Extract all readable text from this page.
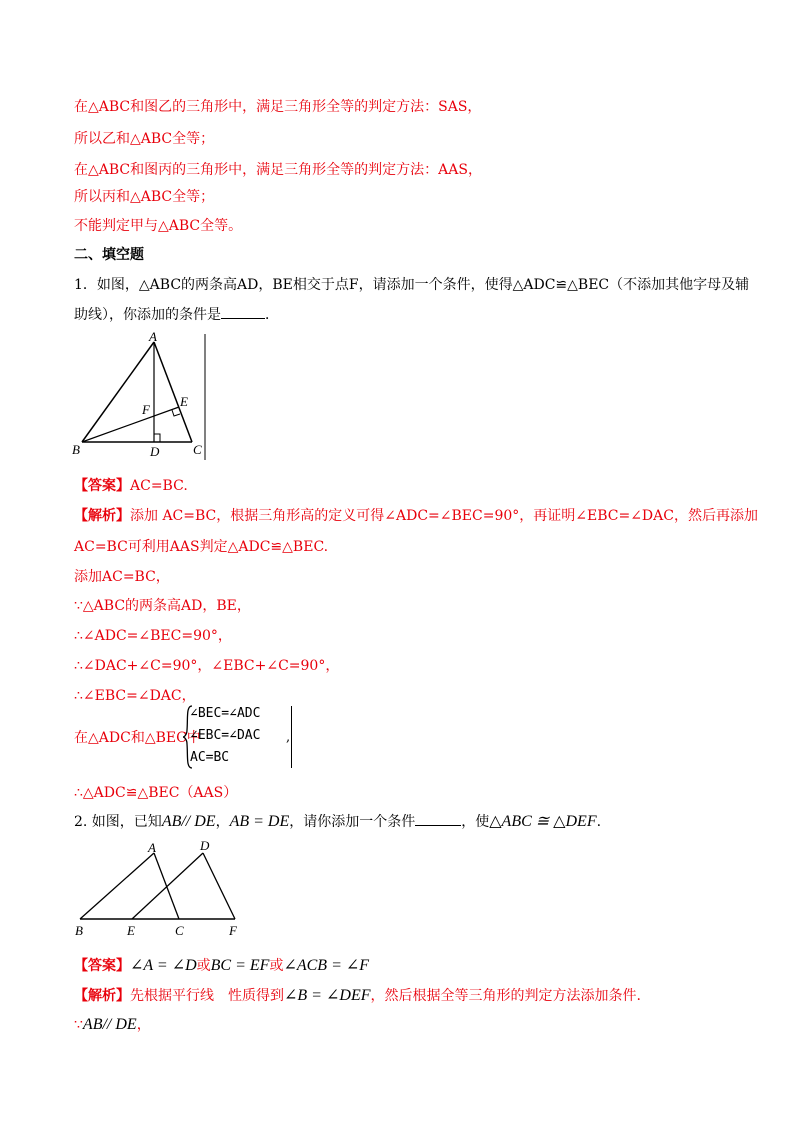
在△ABC和图乙的三角形中，满足三角形全等的判定方法：SAS，
所以乙和△ABC全等；
在△ABC和图丙的三角形中，满足三角形全等的判定方法：AAS，
所以丙和△ABC全等；
不能判定甲与△ABC全等。
二、填空题
1．如图，△ABC的两条高AD，BE相交于点F，请添加一个条件，使得△ADC≌△BEC（不添加其他字母及辅
助线），你添加的条件是	．
A
B	C
D
E
F
【答案】AC=BC.
【解析】添加 AC=BC，根据三角形高的定义可得∠ADC=∠BEC=90°，再证明∠EBC=∠DAC，然后再添加
AC=BC可利用AAS判定△ADC≌△BEC.
添加AC=BC，
∵△ABC的两条高AD，BE，
∴∠ADC=∠BEC=90°，
∴∠DAC+∠C=90°，∠EBC+∠C=90°，
∴∠EBC=∠DAC，
在△ADC和△BEC中
∠BEC=∠ADC
∠EBC=∠DAC
AC=BC
,
∴△ADC≌△BEC（AAS）
2. 如图，已知AB// DE，AB = DE，请你添加一个条件	，使△ABC ≅ △DEF.
A
B	C
D
E	F
【答案】∠A = ∠D或BC = EF或∠ACB = ∠F
【解析】先根据平行线　性质得到∠B = ∠DEF，然后根据全等三角形的判定方法添加条件.
∵AB// DE，
